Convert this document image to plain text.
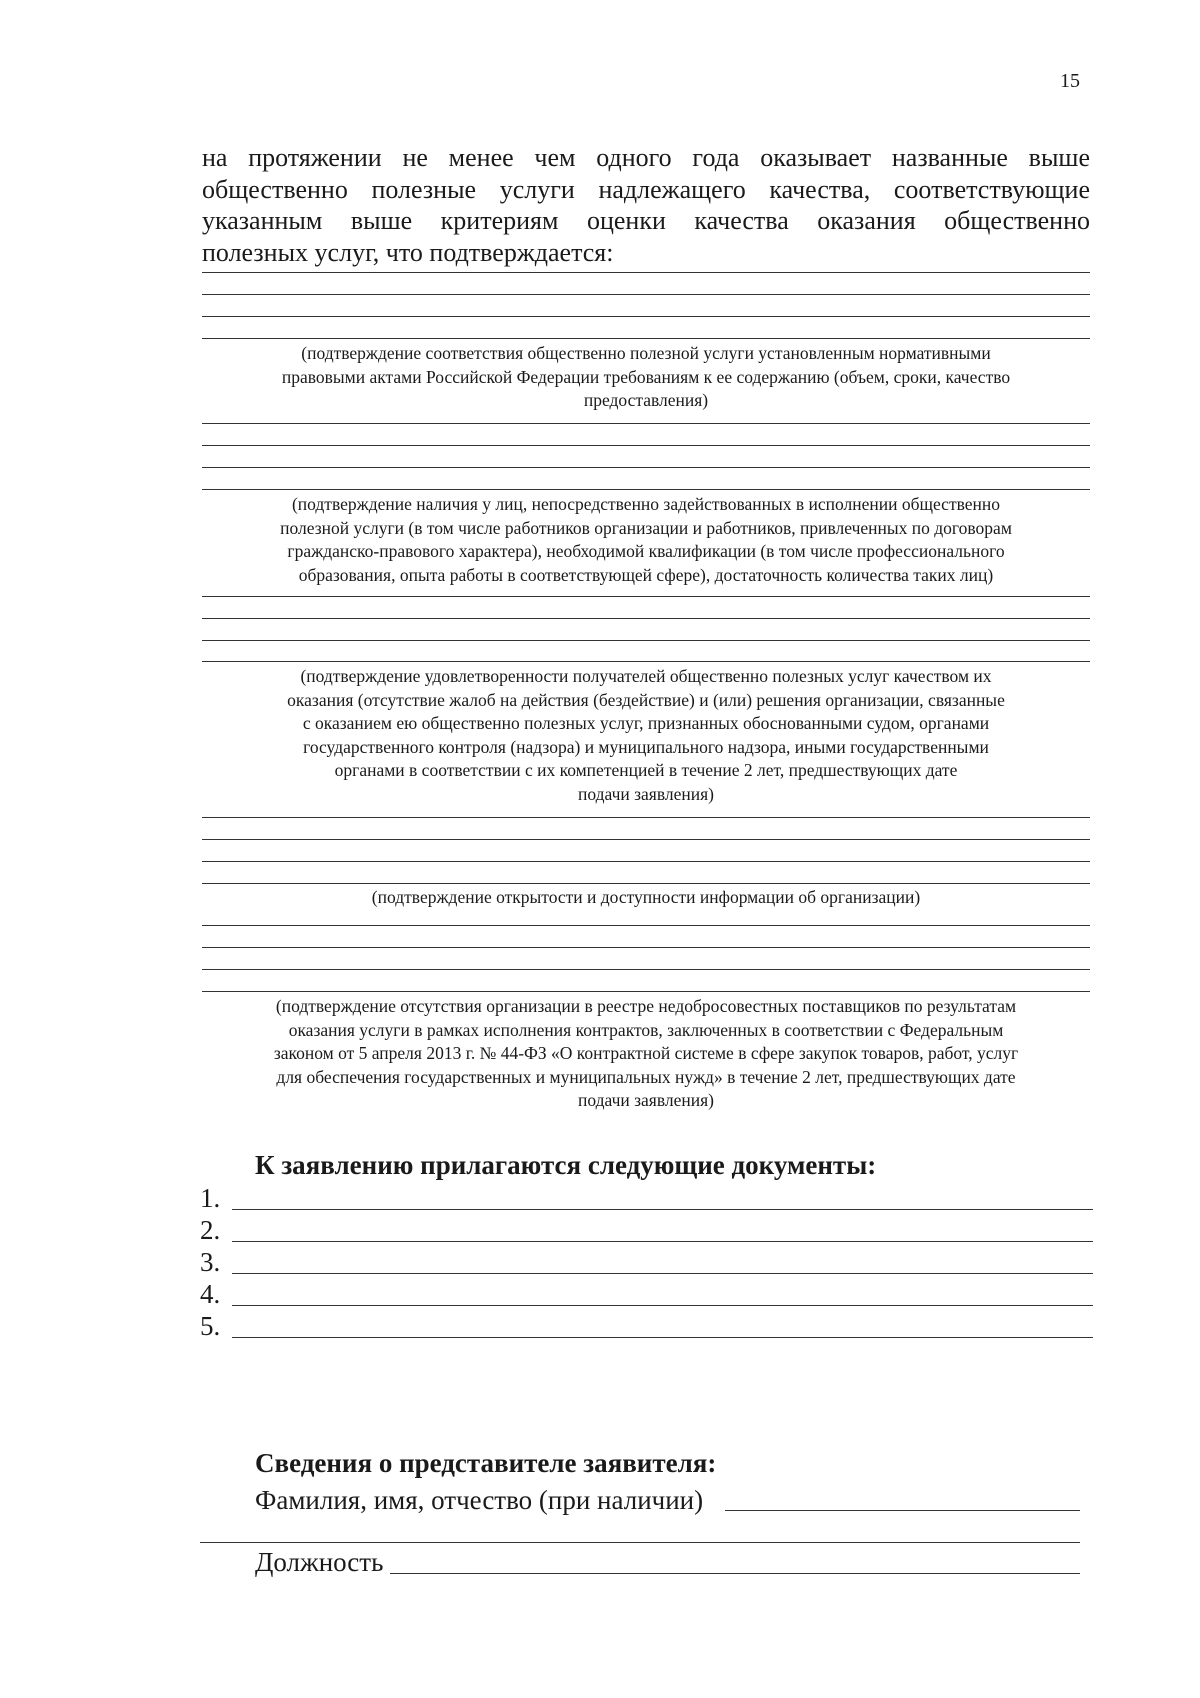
15
на протяжении не менее чем одного года оказывает названные выше
общественно полезные услуги надлежащего качества, соответствующие
указанным выше критериям оценки качества оказания общественно
полезных услуг, что подтверждается:
(подтверждение соответствия общественно полезной услуги установленным нормативными
правовыми актами Российской Федерации требованиям к ее содержанию (объем, сроки, качество
предоставления)
(подтверждение наличия у лиц, непосредственно задействованных в исполнении общественно
полезной услуги (в том числе работников организации и работников, привлеченных по договорам
гражданско-правового характера), необходимой квалификации (в том числе профессионального
образования, опыта работы в соответствующей сфере), достаточность количества таких лиц)
(подтверждение удовлетворенности получателей общественно полезных услуг качеством их
оказания (отсутствие жалоб на действия (бездействие) и (или) решения организации, связанные
с оказанием ею общественно полезных услуг, признанных обоснованными судом, органами
государственного контроля (надзора) и муниципального надзора, иными государственными
органами в соответствии с их компетенцией в течение 2 лет, предшествующих дате
подачи заявления)
(подтверждение открытости и доступности информации об организации)
(подтверждение отсутствия организации в реестре недобросовестных поставщиков по результатам
оказания услуги в рамках исполнения контрактов, заключенных в соответствии с Федеральным
законом от 5 апреля 2013 г. № 44-ФЗ «О контрактной системе в сфере закупок товаров, работ, услуг
для обеспечения государственных и муниципальных нужд» в течение 2 лет, предшествующих дате
подачи заявления)
К заявлению прилагаются следующие документы:
1.
2.
3.
4.
5.
Сведения о представителе заявителя:
Фамилия, имя, отчество (при наличии)
Должность
